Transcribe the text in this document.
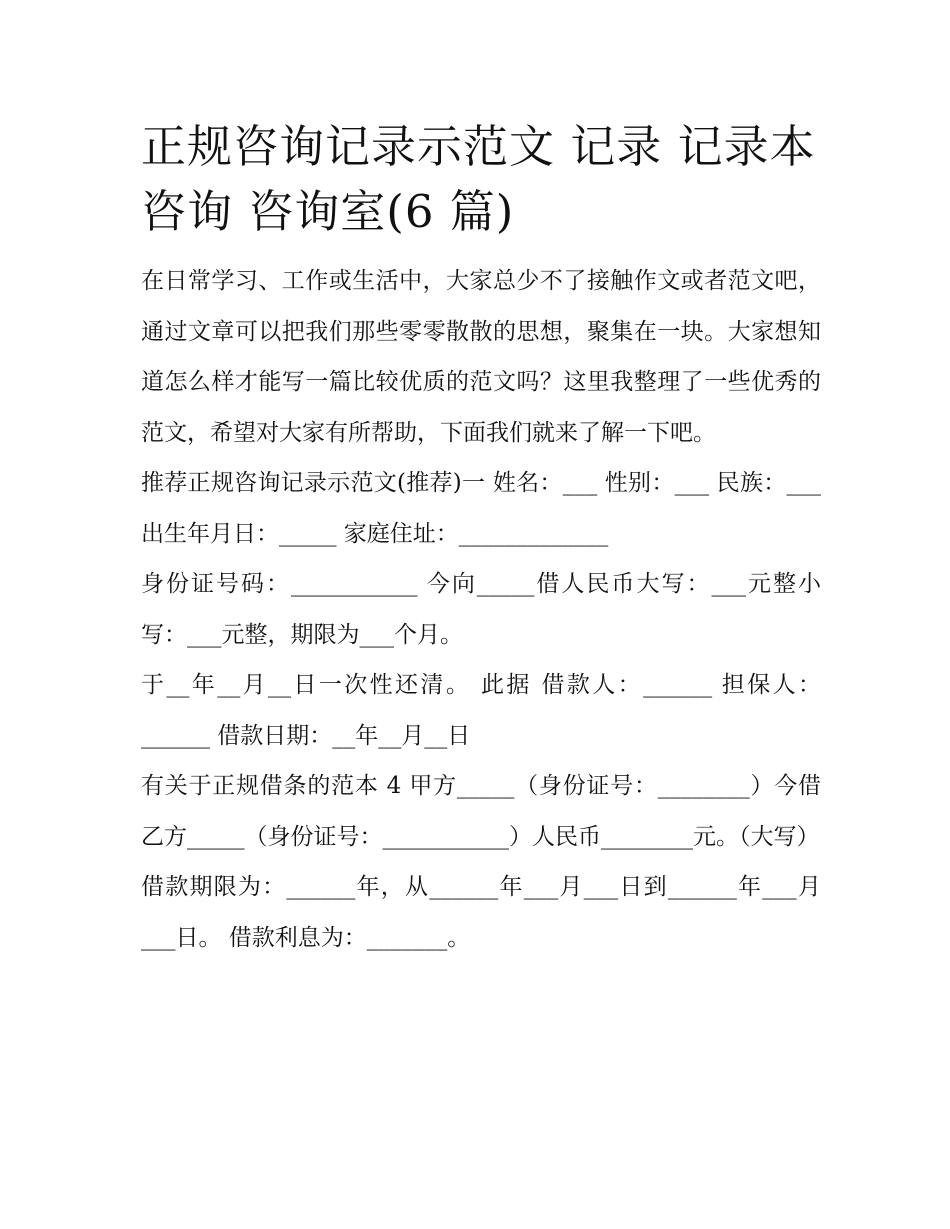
正规咨询记录示范文 记录 记录本 咨询 咨询室(6 篇)

在日常学习、工作或生活中，大家总少不了接触作文或者范文吧，通过文章可以把我们那些零零散散的思想，聚集在一块。大家想知道怎么样才能写一篇比较优质的范文吗？这里我整理了一些优秀的范文，希望对大家有所帮助，下面我们就来了解一下吧。

推荐正规咨询记录示范文(推荐)一 姓名：___ 性别：___ 民族：___ 出生年月日：_____ 家庭住址：_____________

身份证号码：___________ 今向_____借人民币大写：___元整小写：___元整，期限为___个月。

于__年__月__日一次性还清。 此据 借款人：______ 担保人：______ 借款日期：__年__月__日

有关于正规借条的范本 4 甲方_____（身份证号：________）今借乙方_____（身份证号：___________）人民币________元。（大写）

借款期限为：______年，从______年___月___日到______年___月___日。 借款利息为：_______。
